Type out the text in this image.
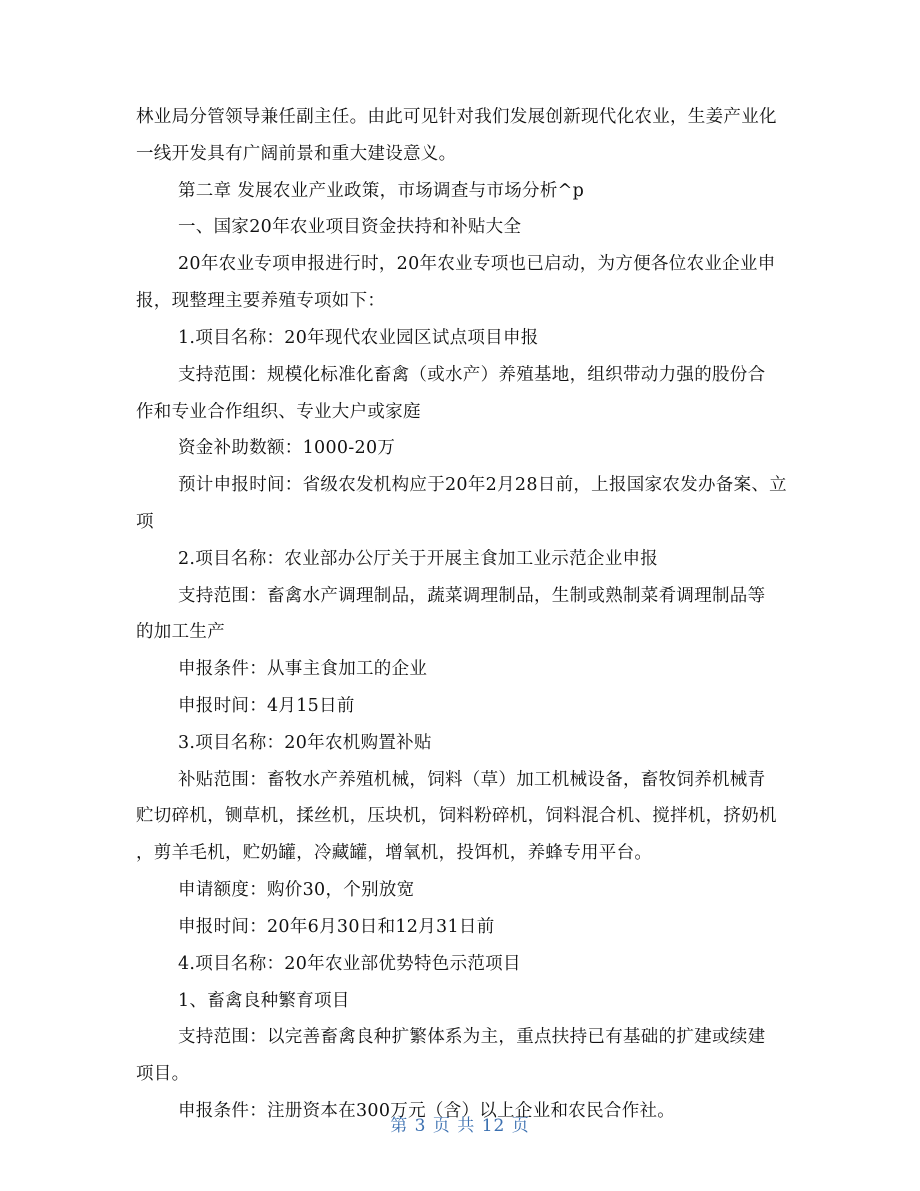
林业局分管领导兼任副主任。由此可见针对我们发展创新现代化农业，生姜产业化
一线开发具有广阔前景和重大建设意义。
第二章 发展农业产业政策，市场调查与市场分析^p
一、国家20年农业项目资金扶持和补贴大全
20年农业专项申报进行时，20年农业专项也已启动，为方便各位农业企业申
报，现整理主要养殖专项如下：
1.项目名称：20年现代农业园区试点项目申报
支持范围：规模化标准化畜禽（或水产）养殖基地，组织带动力强的股份合
作和专业合作组织、专业大户或家庭
资金补助数额：1000-20万
预计申报时间：省级农发机构应于20年2月28日前，上报国家农发办备案、立
项
2.项目名称：农业部办公厅关于开展主食加工业示范企业申报
支持范围：畜禽水产调理制品，蔬菜调理制品，生制或熟制菜肴调理制品等
的加工生产
申报条件：从事主食加工的企业
申报时间：4月15日前
3.项目名称：20年农机购置补贴
补贴范围：畜牧水产养殖机械，饲料（草）加工机械设备，畜牧饲养机械青
贮切碎机，铡草机，揉丝机，压块机，饲料粉碎机，饲料混合机、搅拌机，挤奶机
，剪羊毛机，贮奶罐，冷藏罐，增氧机，投饵机，养蜂专用平台。
申请额度：购价30，个别放宽
申报时间：20年6月30日和12月31日前
4.项目名称：20年农业部优势特色示范项目
1、畜禽良种繁育项目
支持范围：以完善畜禽良种扩繁体系为主，重点扶持已有基础的扩建或续建
项目。
申报条件：注册资本在300万元（含）以上企业和农民合作社。
第 3 页 共 12 页
